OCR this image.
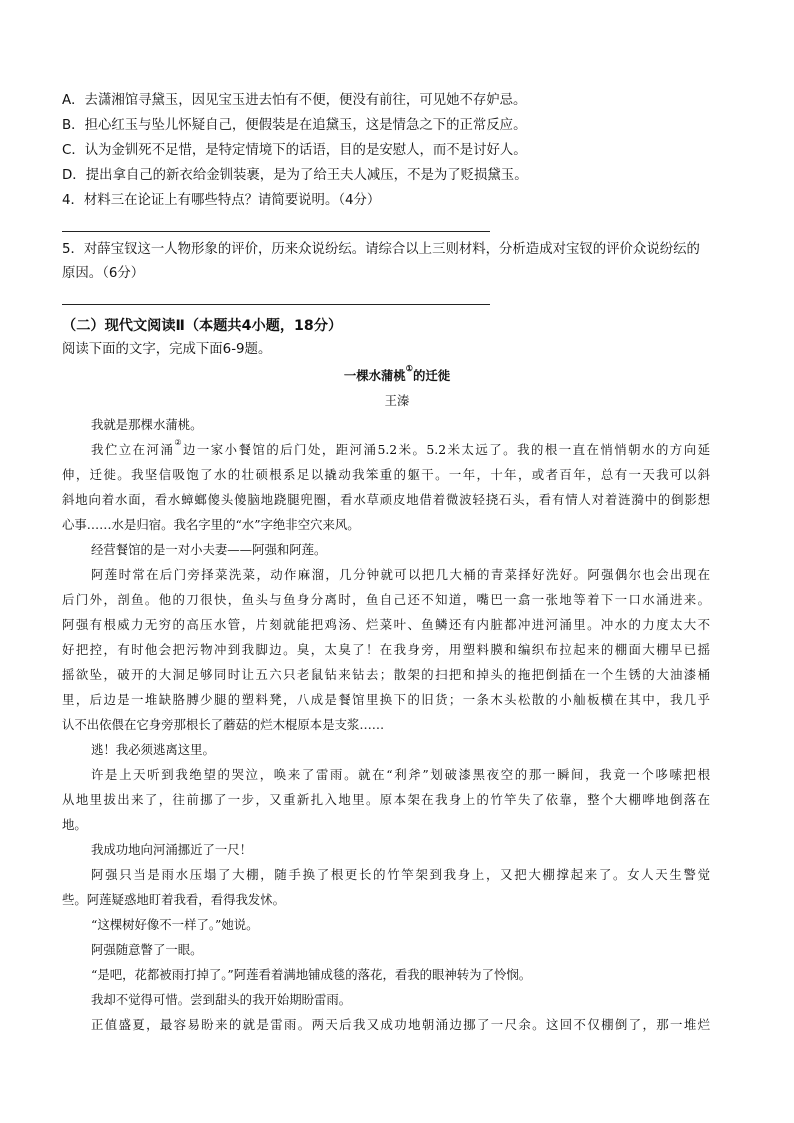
A．去潇湘馆寻黛玉，因见宝玉进去怕有不便，便没有前往，可见她不存妒忌。
B．担心红玉与坠儿怀疑自己，便假装是在追黛玉，这是情急之下的正常反应。
C．认为金钏死不足惜，是特定情境下的话语，目的是安慰人，而不是讨好人。
D．提出拿自己的新衣给金钏装裹，是为了给王夫人减压，不是为了贬损黛玉。
4．材料三在论证上有哪些特点？请简要说明。（4分）
5．对薛宝钗这一人物形象的评价，历来众说纷纭。请综合以上三则材料，分析造成对宝钗的评价众说纷纭的
原因。（6分）
（二）现代文阅读Ⅱ（本题共4小题，18分）
阅读下面的文字，完成下面6-9题。
一棵水蒲桃①的迁徙
王溱
我就是那棵水蒲桃。
我伫立在河涌②边一家小餐馆的后门处，距河涌5.2米。5.2米太远了。我的根一直在悄悄朝水的方向延
伸，迁徙。我坚信吸饱了水的壮硕根系足以撬动我笨重的躯干。一年，十年，或者百年，总有一天我可以斜
斜地向着水面，看水蟑螂傻头傻脑地跷腿兜圈，看水草顽皮地借着微波轻挠石头，看有情人对着涟漪中的倒影想
心事……水是归宿。我名字里的“水”字绝非空穴来风。
经营餐馆的是一对小夫妻——阿强和阿莲。
阿莲时常在后门旁择菜洗菜，动作麻溜，几分钟就可以把几大桶的青菜择好洗好。阿强偶尔也会出现在
后门外，剖鱼。他的刀很快，鱼头与鱼身分离时，鱼自己还不知道，嘴巴一翕一张地等着下一口水涌进来。
阿强有根威力无穷的高压水管，片刻就能把鸡汤、烂菜叶、鱼鳞还有内脏都冲进河涌里。冲水的力度太大不
好把控，有时他会把污物冲到我脚边。臭，太臭了！在我身旁，用塑料膜和编织布拉起来的棚面大棚早已摇
摇欲坠，破开的大洞足够同时让五六只老鼠钻来钻去；散架的扫把和掉头的拖把倒插在一个生锈的大油漆桶
里，后边是一堆缺胳膊少腿的塑料凳，八成是餐馆里换下的旧货；一条木头松散的小舢板横在其中，我几乎
认不出依偎在它身旁那根长了蘑菇的烂木棍原本是支浆……
逃！我必须逃离这里。
许是上天听到我绝望的哭泣，唤来了雷雨。就在“利斧”划破漆黑夜空的那一瞬间，我竟一个哆嗦把根
从地里拔出来了，往前挪了一步，又重新扎入地里。原本架在我身上的竹竿失了依靠，整个大棚哗地倒落在
地。
我成功地向河涌挪近了一尺！
阿强只当是雨水压塌了大棚，随手换了根更长的竹竿架到我身上，又把大棚撑起来了。女人天生警觉
些。阿莲疑惑地盯着我看，看得我发怵。
“这棵树好像不一样了。”她说。
阿强随意瞥了一眼。
“是吧，花都被雨打掉了。”阿莲看着满地铺成毯的落花，看我的眼神转为了怜悯。
我却不觉得可惜。尝到甜头的我开始期盼雷雨。
正值盛夏，最容易盼来的就是雷雨。两天后我又成功地朝涌边挪了一尺余。这回不仅棚倒了，那一堆烂
